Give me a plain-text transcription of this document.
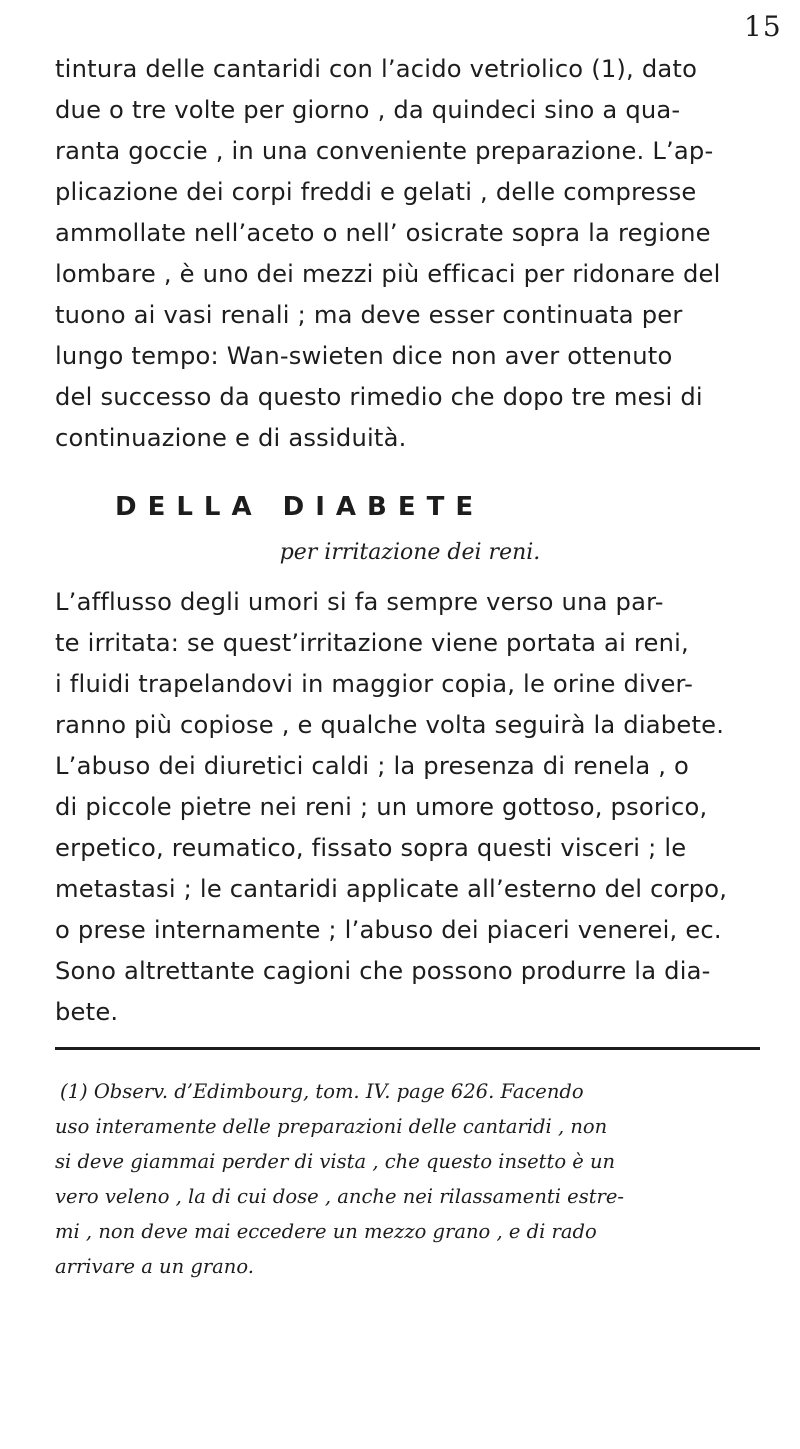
15
tintura delle cantaridi con l’acido vetriolico (1), dato
due o tre volte per giorno , da quindeci sino a qua-
ranta goccie , in una conveniente preparazione. L’ap-
plicazione dei corpi freddi e gelati , delle compresse
ammollate nell’aceto o nell’ osicrate sopra la regione
lombare , è uno dei mezzi più efficaci per ridonare del
tuono ai vasi renali ; ma deve esser continuata per
lungo tempo: Wan-swieten dice non aver ottenuto
del successo da questo rimedio che dopo tre mesi di
continuazione e di assiduità.
DELLA DIABETE
per irritazione dei reni.
L’afflusso degli umori si fa sempre verso una par-
te irritata: se quest’irritazione viene portata ai reni,
i fluidi trapelandovi in maggior copia, le orine diver-
ranno più copiose , e qualche volta seguirà la diabete.
L’abuso dei diuretici caldi ; la presenza di renela , o
di piccole pietre nei reni ; un umore gottoso, psorico,
erpetico, reumatico, fissato sopra questi visceri ; le
metastasi ; le cantaridi applicate all’esterno del corpo,
o prese internamente ; l’abuso dei piaceri venerei, ec.
Sono altrettante cagioni che possono produrre la dia-
bete.
(1) Observ. d’Edimbourg, tom. IV. page 626. Facendo
uso interamente delle preparazioni delle cantaridi , non
si deve giammai perder di vista , che questo insetto è un
vero veleno , la di cui dose , anche nei rilassamenti estre-
mi , non deve mai eccedere un mezzo grano , e di rado
arrivare a un grano.
